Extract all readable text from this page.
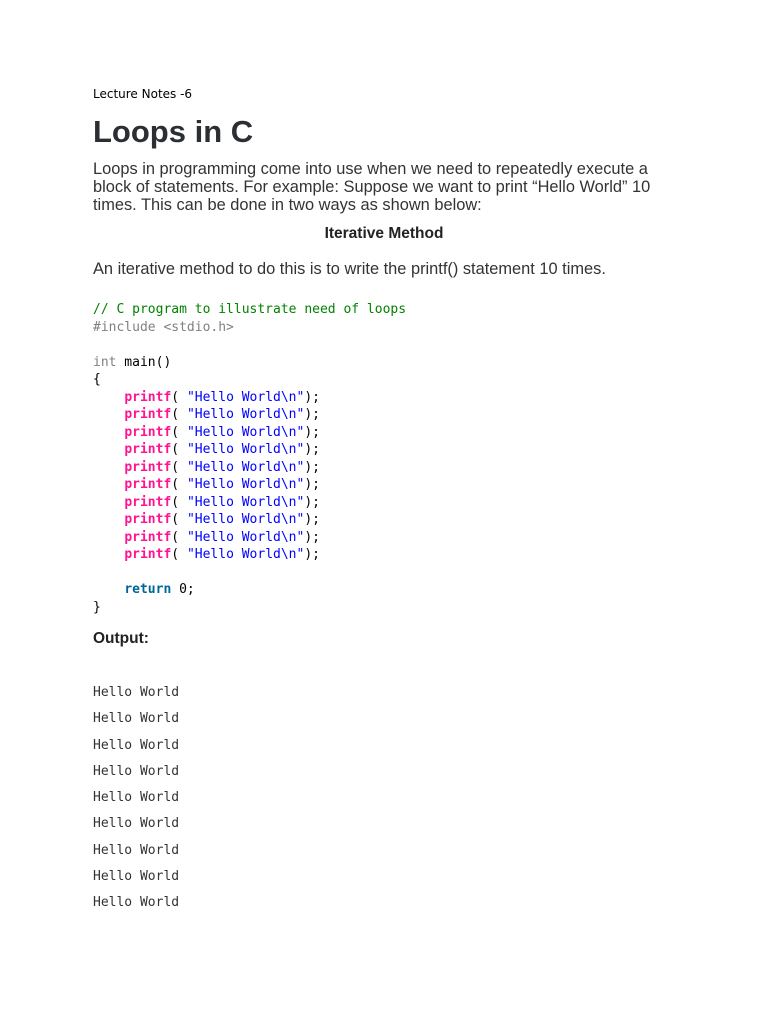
Lecture Notes -6
Loops in C

Loops in programming come into use when we need to repeatedly execute a block of statements. For example: Suppose we want to print “Hello World” 10 times. This can be done in two ways as shown below:

Iterative Method

An iterative method to do this is to write the printf() statement 10 times.

// C program to illustrate need of loops
#include <stdio.h>

int main()
{
printf( "Hello World\n");
printf( "Hello World\n");
printf( "Hello World\n");
printf( "Hello World\n");
printf( "Hello World\n");
printf( "Hello World\n");
printf( "Hello World\n");
printf( "Hello World\n");
printf( "Hello World\n");
printf( "Hello World\n");

return 0;
}
Output:
Hello World
Hello World
Hello World
Hello World
Hello World
Hello World
Hello World
Hello World
Hello World
